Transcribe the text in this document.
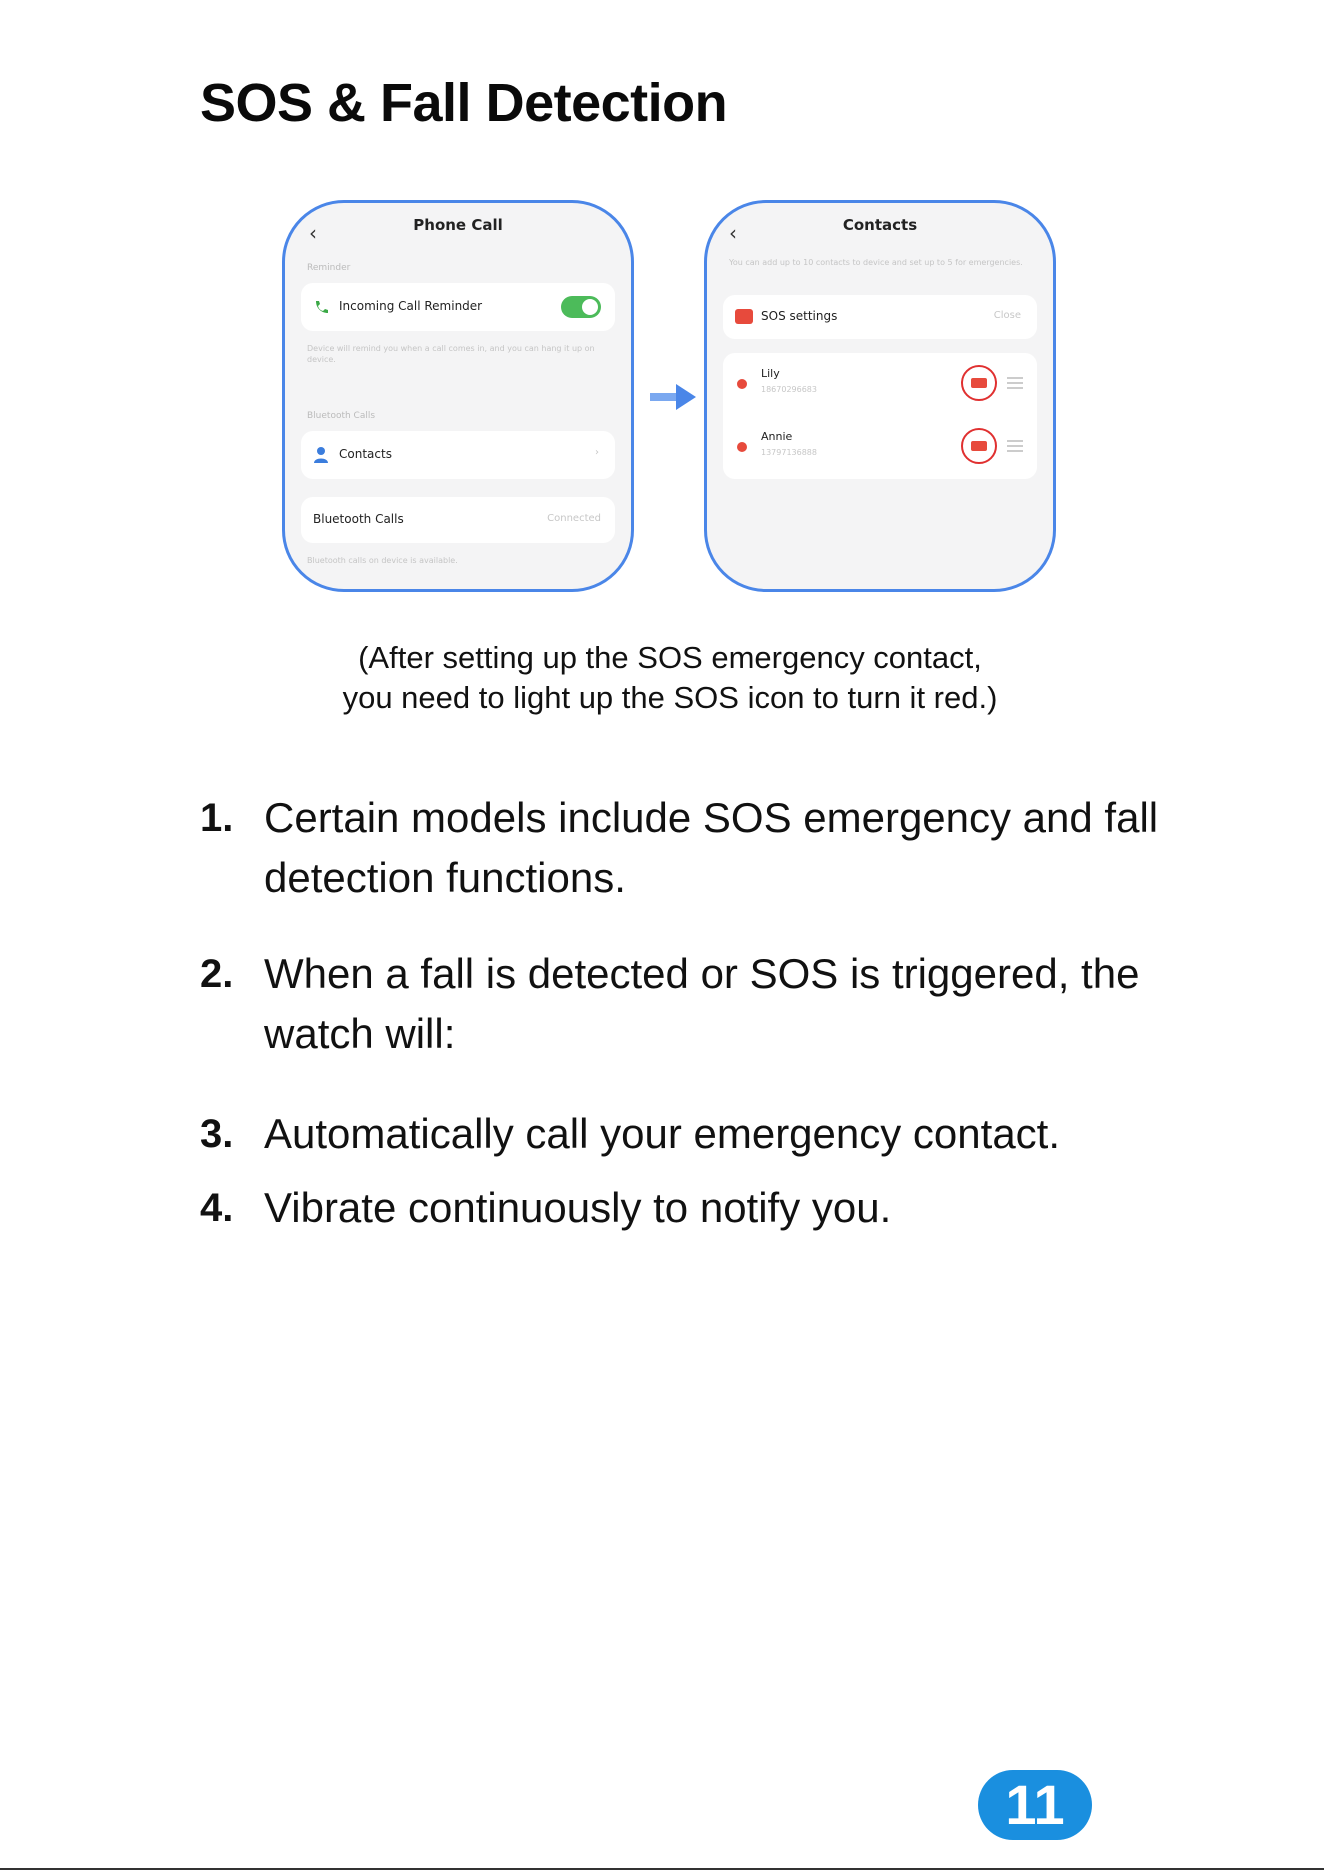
SOS & Fall Detection
‹	Phone Call
Reminder
Incoming Call Reminder
Device will remind you when a call comes in, and you can hang it up on device.
Bluetooth Calls
Contacts	›
Bluetooth Calls	Connected
Bluetooth calls on device is available.
‹	Contacts
You can add up to 10 contacts to device and set up to 5 for emergencies.
SOS settings	Close
Lily
18670296683
Annie
13797136888
(After setting up the SOS emergency contact,
you need to light up the SOS icon to turn it red.)
1. Certain models include SOS emergency and fall detection functions.
2. When a fall is detected or SOS is triggered, the watch will:
3. Automatically call your emergency contact.
4. Vibrate continuously to notify you.
11
